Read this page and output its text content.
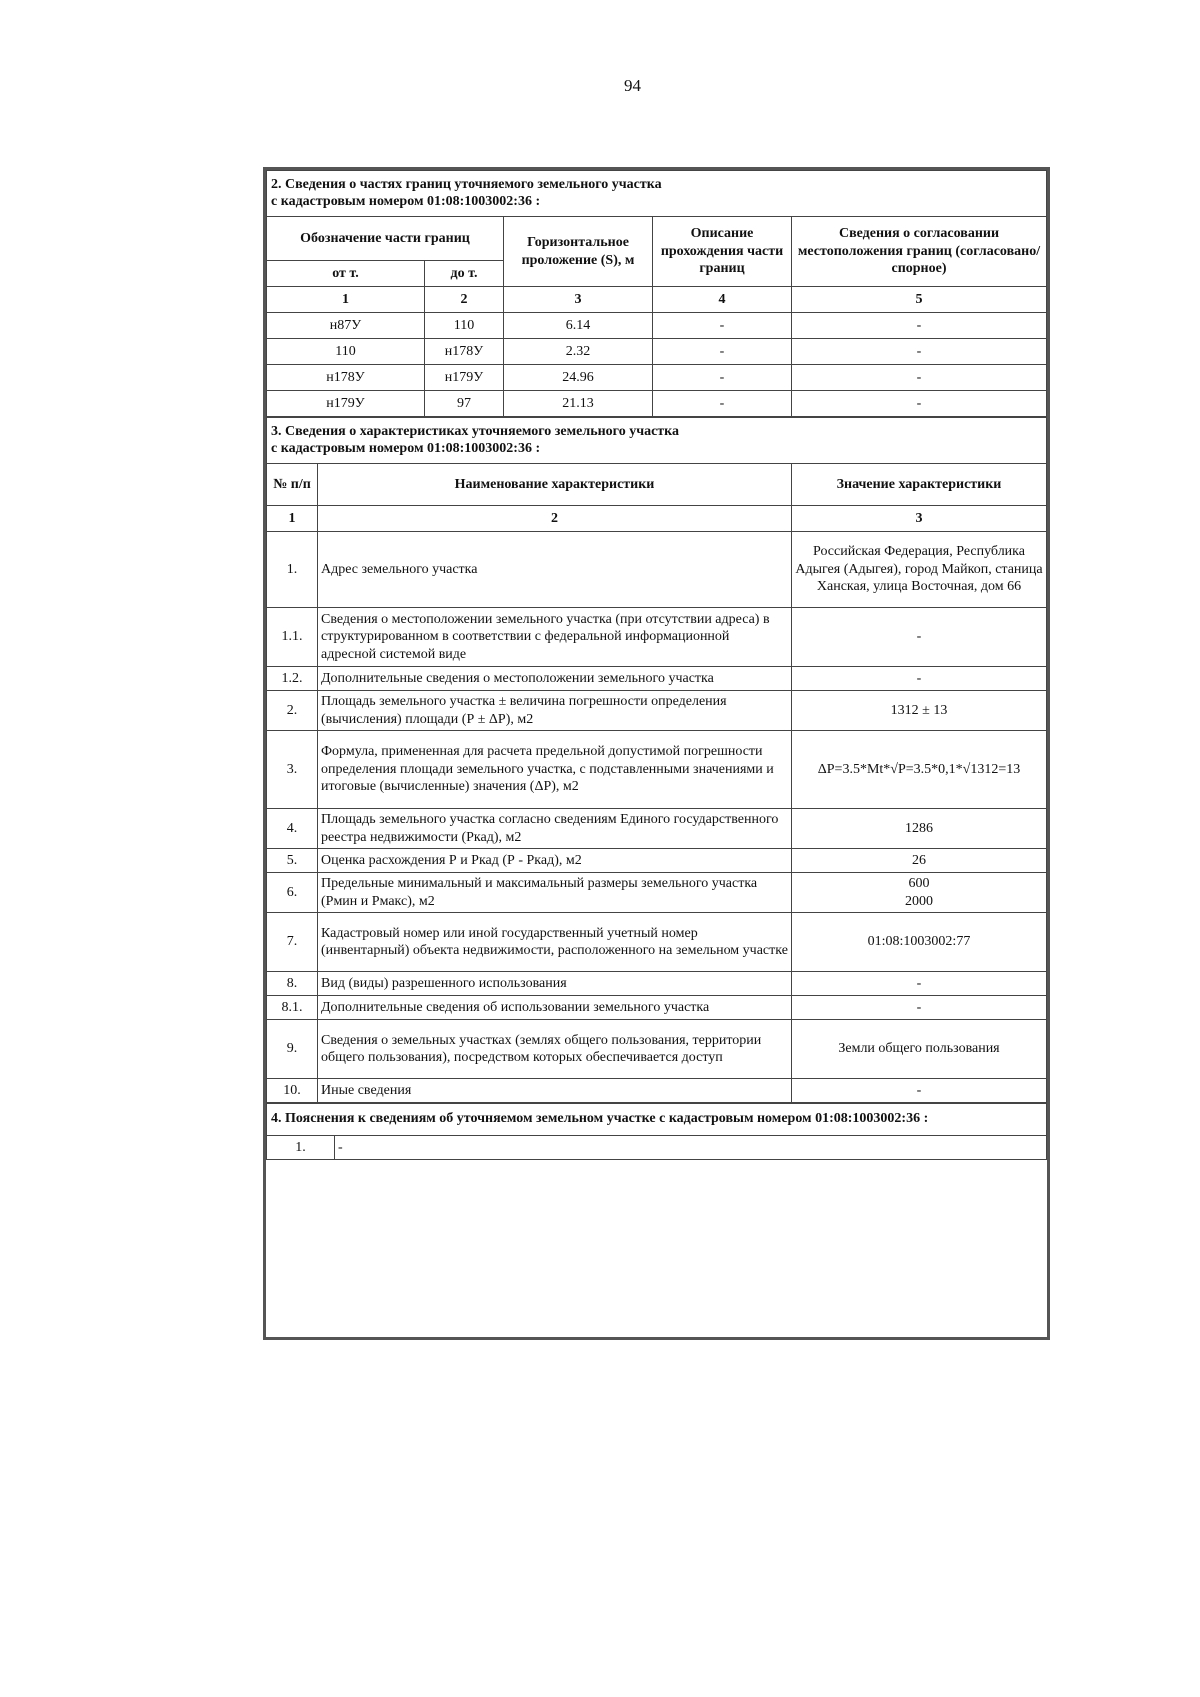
94
2. Сведения о частях границ уточняемого земельного участка
с кадастровым номером 01:08:1003002:36 :				
Обозначение части границ		Горизонтальное проложение (S), м	Описание прохождения части границ	Сведения о согласовании местоположения границ (согласовано/спорное)
от т.	до т.			
1	2	3	4	5
н87У	110	6.14	-	-
110	н178У	2.32	-	-
н178У	н179У	24.96	-	-
н179У	97	21.13	-	-
3. Сведения о характеристиках уточняемого земельного участка
с кадастровым номером 01:08:1003002:36 :		
№ п/п	Наименование характеристики	Значение характеристики
1	2	3
1.	Адрес земельного участка	Российская Федерация, Республика Адыгея (Адыгея), город Майкоп, станица Ханская, улица Восточная, дом 66
1.1.	Сведения о местоположении земельного участка (при отсутствии адреса) в структурированном в соответствии с федеральной информационной адресной системой виде	-
1.2.	Дополнительные сведения о местоположении земельного участка	-
2.	Площадь земельного участка ± величина погрешности определения (вычисления) площади (Р ± ΔР), м2	1312 ± 13
3.	Формула, примененная для расчета предельной допустимой погрешности определения площади земельного участка, с подставленными значениями и итоговые (вычисленные) значения (ΔР), м2	ΔР=3.5*Mt*√Р=3.5*0,1*√1312=13
4.	Площадь земельного участка согласно сведениям Единого государственного реестра недвижимости (Ркад), м2	1286
5.	Оценка расхождения Р и Ркад (Р - Ркад), м2	26
6.	Предельные минимальный и максимальный размеры земельного участка (Рмин и Рмакс), м2	600
2000
7.	Кадастровый номер или иной государственный учетный номер (инвентарный) объекта недвижимости, расположенного на земельном участке	01:08:1003002:77
8.	Вид (виды) разрешенного использования	-
8.1.	Дополнительные сведения об использовании земельного участка	-
9.	Сведения о земельных участках (землях общего пользования, территории общего пользования), посредством которых обеспечивается доступ	Земли общего пользования
10.	Иные сведения	-
4. Пояснения к сведениям об уточняемом земельном участке с кадастровым номером 01:08:1003002:36 :
1.	-
